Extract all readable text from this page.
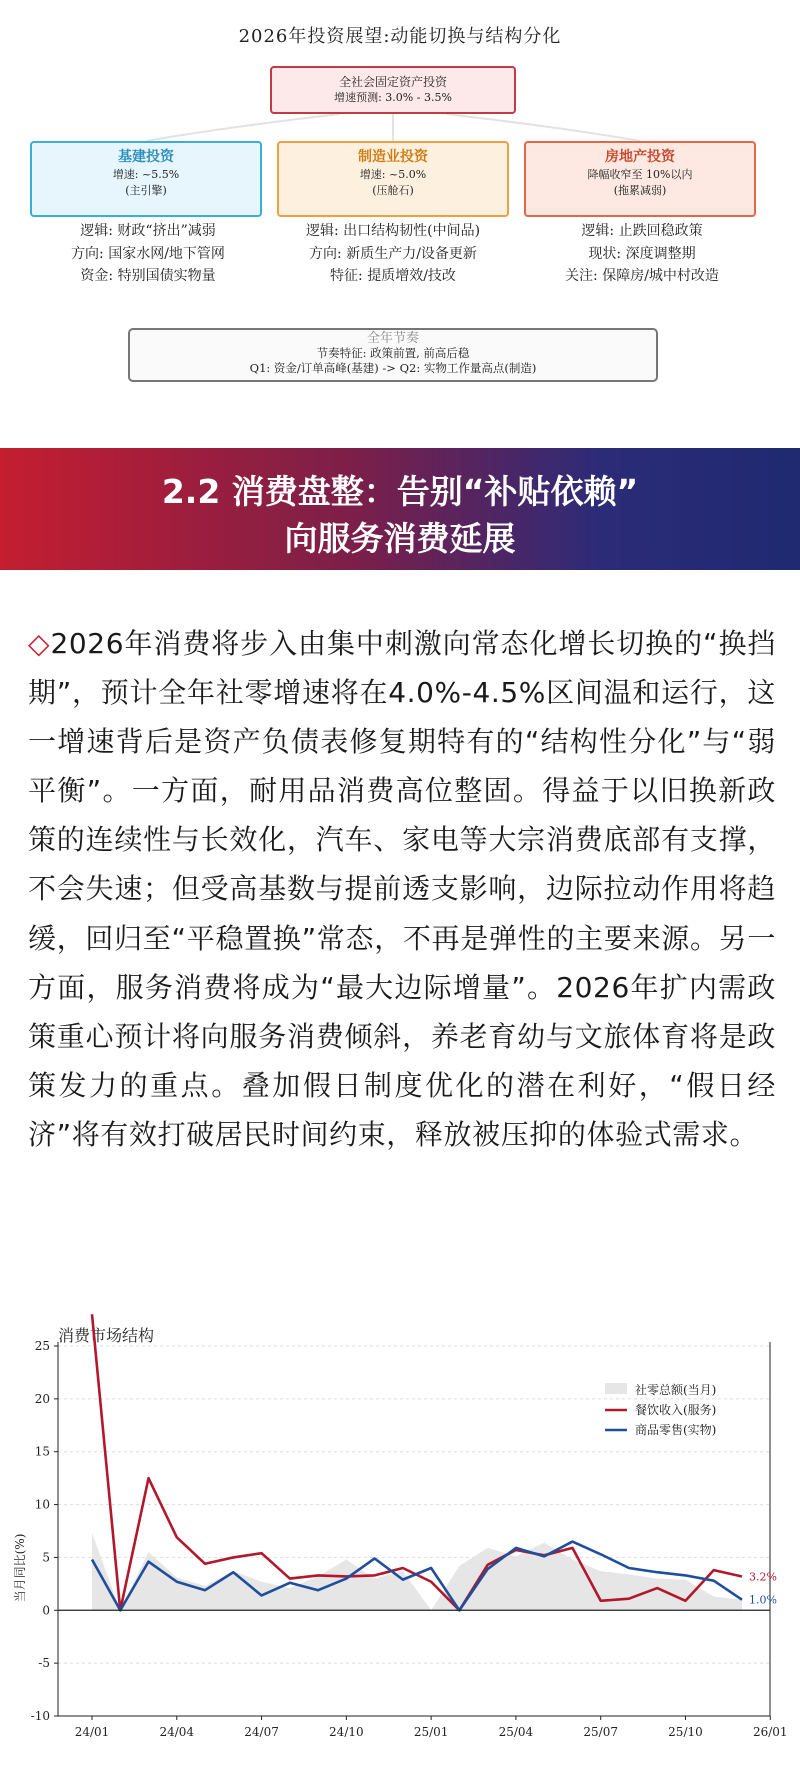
2026年投资展望:动能切换与结构分化
全社会固定资产投资
增速预测: 3.0% - 3.5%
基建投资
增速: ~5.5%
(主引擎)
制造业投资
增速: ~5.0%
(压舱石)
房地产投资
降幅收窄至 10%以内
(拖累减弱)
逻辑: 财政“挤出”减弱
方向: 国家水网/地下管网
资金: 特别国债实物量
逻辑: 出口结构韧性(中间品)
方向: 新质生产力/设备更新
特征: 提质增效/技改
逻辑: 止跌回稳政策
现状: 深度调整期
关注: 保障房/城中村改造
全年节奏
节奏特征: 政策前置, 前高后稳
Q1: 资金/订单高峰(基建) -> Q2: 实物工作量高点(制造)
2.2 消费盘整：告别“补贴依赖”
向服务消费延展
◇2026年消费将步入由集中刺激向常态化增长切换的“换挡期”，预计全年社零增速将在4.0%-4.5%区间温和运行，这一增速背后是资产负债表修复期特有的“结构性分化”与“弱平衡”。一方面，耐用品消费高位整固。得益于以旧换新政策的连续性与长效化，汽车、家电等大宗消费底部有支撑，不会失速；但受高基数与提前透支影响，边际拉动作用将趋缓，回归至“平稳置换”常态，不再是弹性的主要来源。另一方面，服务消费将成为“最大边际增量”。2026年扩内需政策重心预计将向服务消费倾斜，养老育幼与文旅体育将是政策发力的重点。叠加假日制度优化的潜在利好，“假日经济”将有效打破居民时间约束，释放被压抑的体验式需求。
消费市场结构
当月同比(%)
-10
-5
0
5
10
15
20
25
24/01	24/04	24/07	24/10	25/01	25/04	25/07	25/10	26/01
社零总额(当月)
餐饮收入(服务)
商品零售(实物)
3.2%
1.0%
